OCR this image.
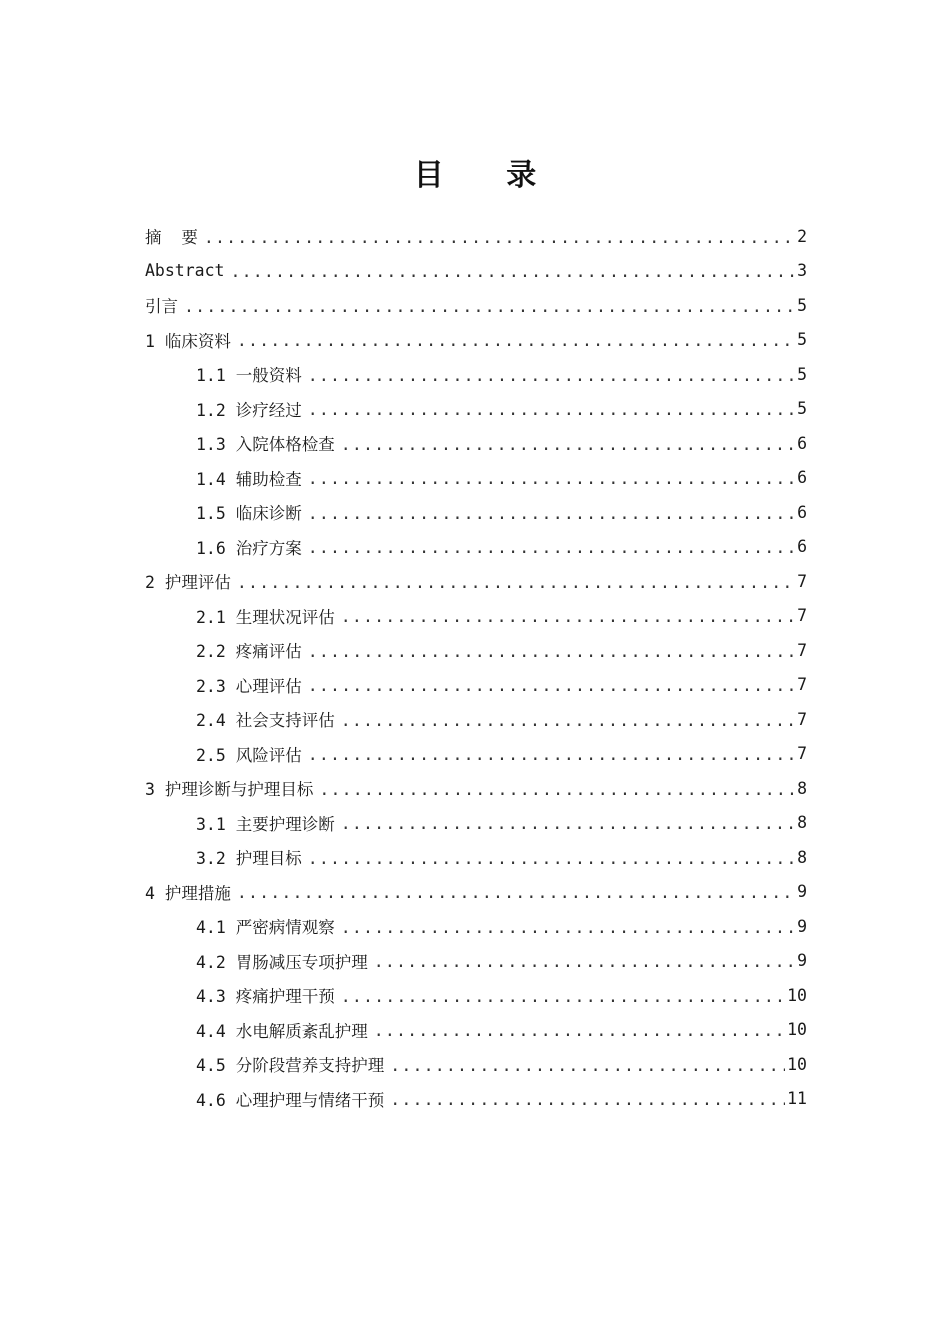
目 录
摘  要 .....	2
Abstract .....	3
引言 .....	5
1 临床资料 .....	5
1.1 一般资料 .....	5
1.2 诊疗经过 .....	5
1.3 入院体格检查 .....	6
1.4 辅助检查 .....	6
1.5 临床诊断 .....	6
1.6 治疗方案 .....	6
2 护理评估 .....	7
2.1 生理状况评估 .....	7
2.2 疼痛评估 .....	7
2.3 心理评估 .....	7
2.4 社会支持评估 .....	7
2.5 风险评估 .....	7
3 护理诊断与护理目标 .....	8
3.1 主要护理诊断 .....	8
3.2 护理目标 .....	8
4 护理措施 .....	9
4.1 严密病情观察 .....	9
4.2 胃肠减压专项护理 .....	9
4.3 疼痛护理干预 .....	10
4.4 水电解质紊乱护理 .....	10
4.5 分阶段营养支持护理 .....	10
4.6 心理护理与情绪干预 .....	11
